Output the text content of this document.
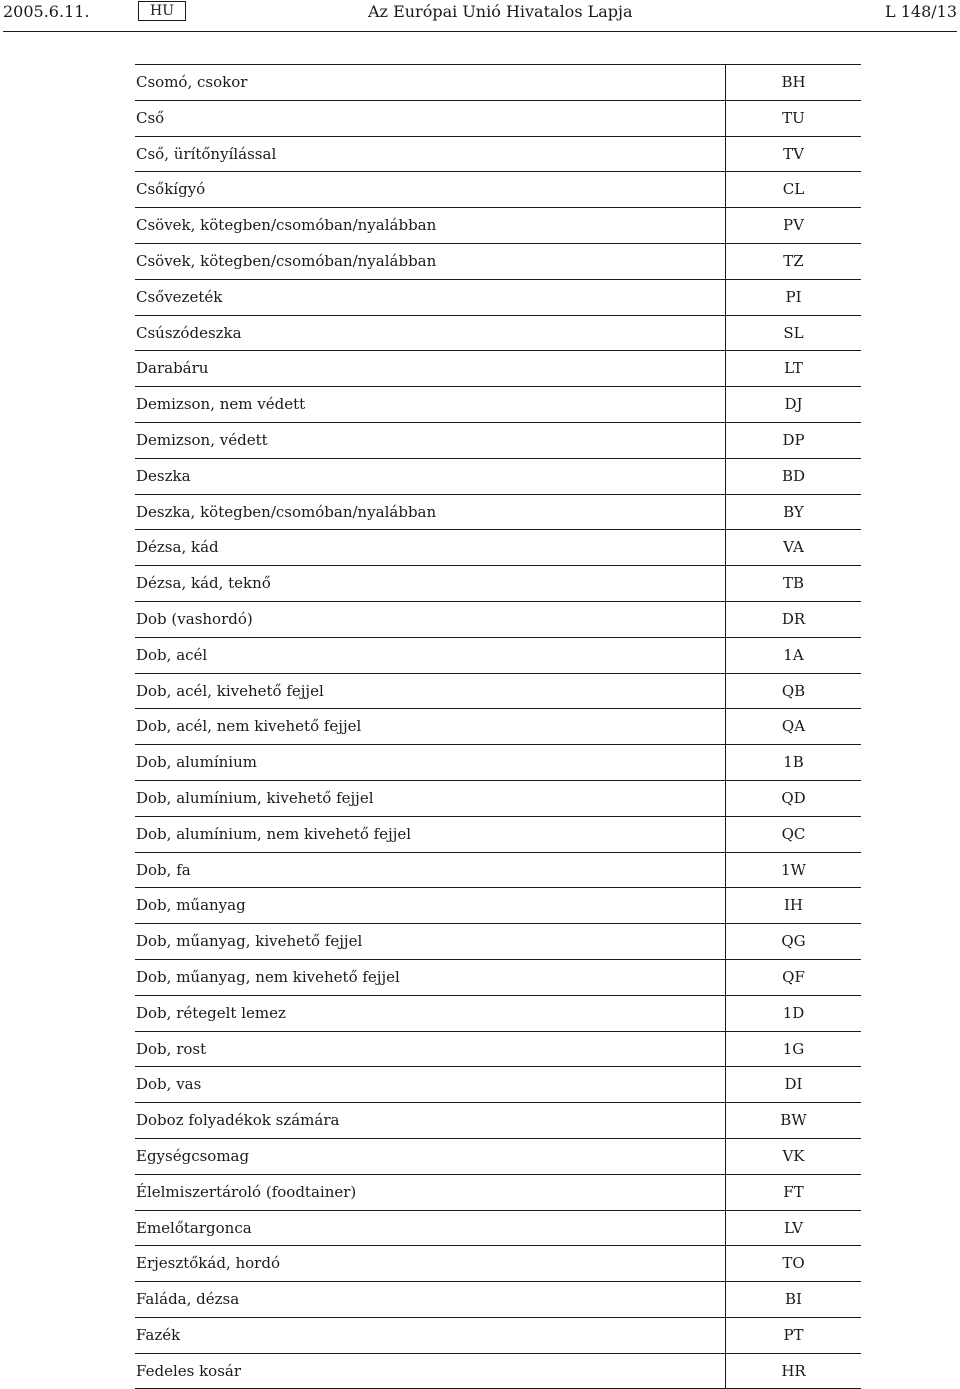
2005.6.11.	HU	Az Európai Unió Hivatalos Lapja	L 148/13
Csomó, csokor	BH
Cső	TU
Cső, ürítőnyílással	TV
Csőkígyó	CL
Csövek, kötegben/csomóban/nyalábban	PV
Csövek, kötegben/csomóban/nyalábban	TZ
Csővezeték	PI
Csúszódeszka	SL
Darabáru	LT
Demizson, nem védett	DJ
Demizson, védett	DP
Deszka	BD
Deszka, kötegben/csomóban/nyalábban	BY
Dézsa, kád	VA
Dézsa, kád, teknő	TB
Dob (vashordó)	DR
Dob, acél	1A
Dob, acél, kivehető fejjel	QB
Dob, acél, nem kivehető fejjel	QA
Dob, alumínium	1B
Dob, alumínium, kivehető fejjel	QD
Dob, alumínium, nem kivehető fejjel	QC
Dob, fa	1W
Dob, műanyag	IH
Dob, műanyag, kivehető fejjel	QG
Dob, műanyag, nem kivehető fejjel	QF
Dob, rétegelt lemez	1D
Dob, rost	1G
Dob, vas	DI
Doboz folyadékok számára	BW
Egységcsomag	VK
Élelmiszertároló (foodtainer)	FT
Emelőtargonca	LV
Erjesztőkád, hordó	TO
Faláda, dézsa	BI
Fazék	PT
Fedeles kosár	HR
